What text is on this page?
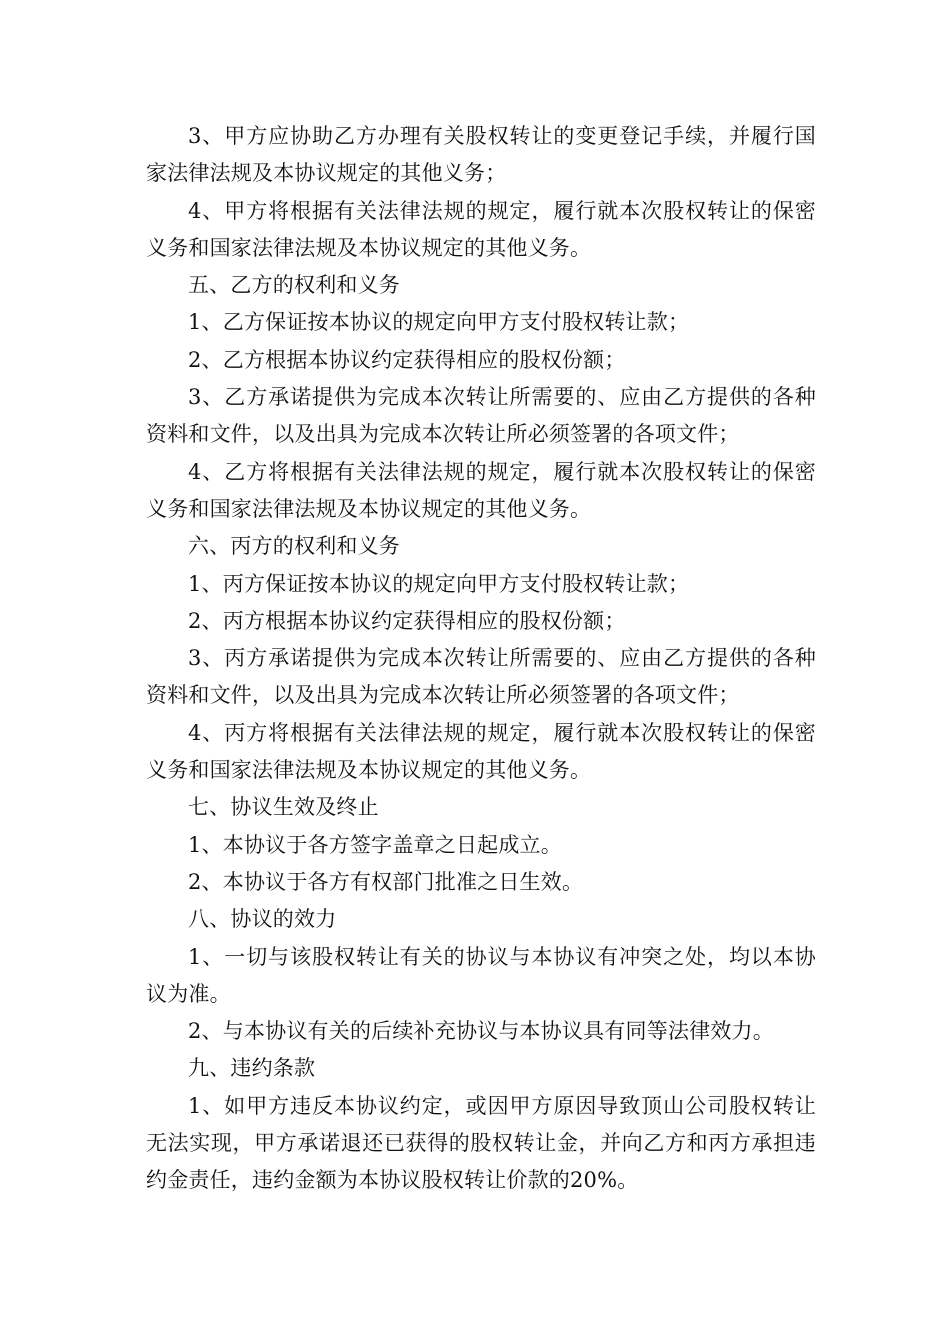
3、甲方应协助乙方办理有关股权转让的变更登记手续，并履行国家法律法规及本协议规定的其他义务；

4、甲方将根据有关法律法规的规定，履行就本次股权转让的保密义务和国家法律法规及本协议规定的其他义务。

五、乙方的权利和义务

1、乙方保证按本协议的规定向甲方支付股权转让款；

2、乙方根据本协议约定获得相应的股权份额；

3、乙方承诺提供为完成本次转让所需要的、应由乙方提供的各种资料和文件，以及出具为完成本次转让所必须签署的各项文件；

4、乙方将根据有关法律法规的规定，履行就本次股权转让的保密义务和国家法律法规及本协议规定的其他义务。

六、丙方的权利和义务

1、丙方保证按本协议的规定向甲方支付股权转让款；

2、丙方根据本协议约定获得相应的股权份额；

3、丙方承诺提供为完成本次转让所需要的、应由乙方提供的各种资料和文件，以及出具为完成本次转让所必须签署的各项文件；

4、丙方将根据有关法律法规的规定，履行就本次股权转让的保密义务和国家法律法规及本协议规定的其他义务。

七、协议生效及终止

1、本协议于各方签字盖章之日起成立。

2、本协议于各方有权部门批准之日生效。

八、协议的效力

1、一切与该股权转让有关的协议与本协议有冲突之处，均以本协议为准。

2、与本协议有关的后续补充协议与本协议具有同等法律效力。

九、违约条款

1、如甲方违反本协议约定，或因甲方原因导致顶山公司股权转让无法实现，甲方承诺退还已获得的股权转让金，并向乙方和丙方承担违约金责任，违约金额为本协议股权转让价款的20%。
